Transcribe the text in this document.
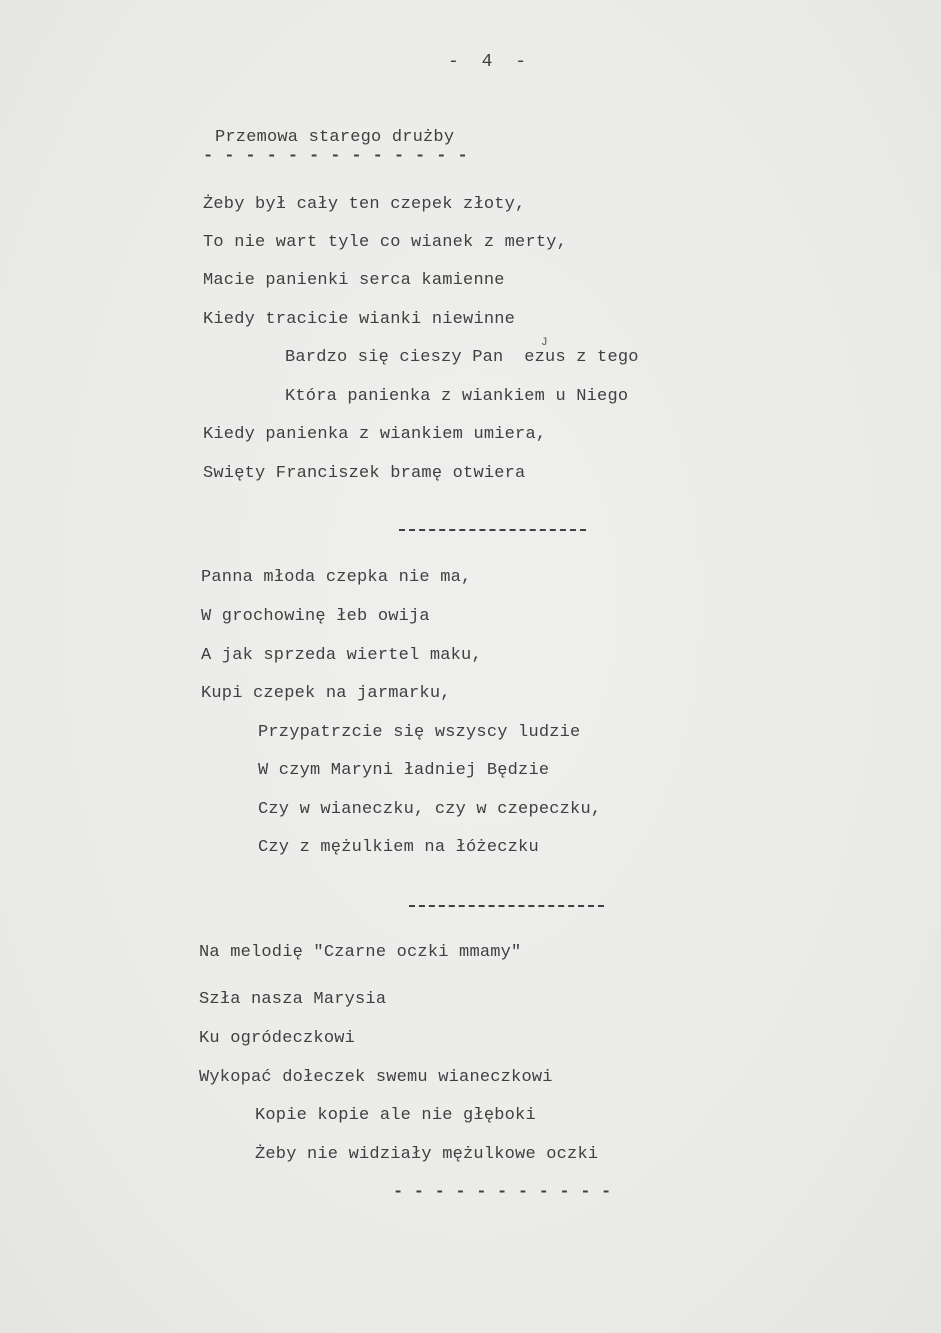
- 4 -
Przemowa starego drużby
- - - - - - - - - - - - -
Żeby był cały ten czepek złoty,
To nie wart tyle co wianek z merty,
Macie panienki serca kamienne
Kiedy tracicie wianki niewinne
J
Bardzo się cieszy Pan  ezus z tego
Która panienka z wiankiem u Niego
Kiedy panienka z wiankiem umiera,
Swięty Franciszek bramę otwiera
Panna młoda czepka nie ma,
W grochowinę łeb owija
A jak sprzeda wiertel maku,
Kupi czepek na jarmarku,
Przypatrzcie się wszyscy ludzie
W czym Maryni ładniej Będzie
Czy w wianeczku, czy w czepeczku,
Czy z mężulkiem na łóżeczku
Na melodię "Czarne oczki mmamy"
Szła nasza Marysia
Ku ogródeczkowi
Wykopać dołeczek swemu wianeczkowi
Kopie kopie ale nie głęboki
Żeby nie widziały mężulkowe oczki
- - - - - - - - - - -
